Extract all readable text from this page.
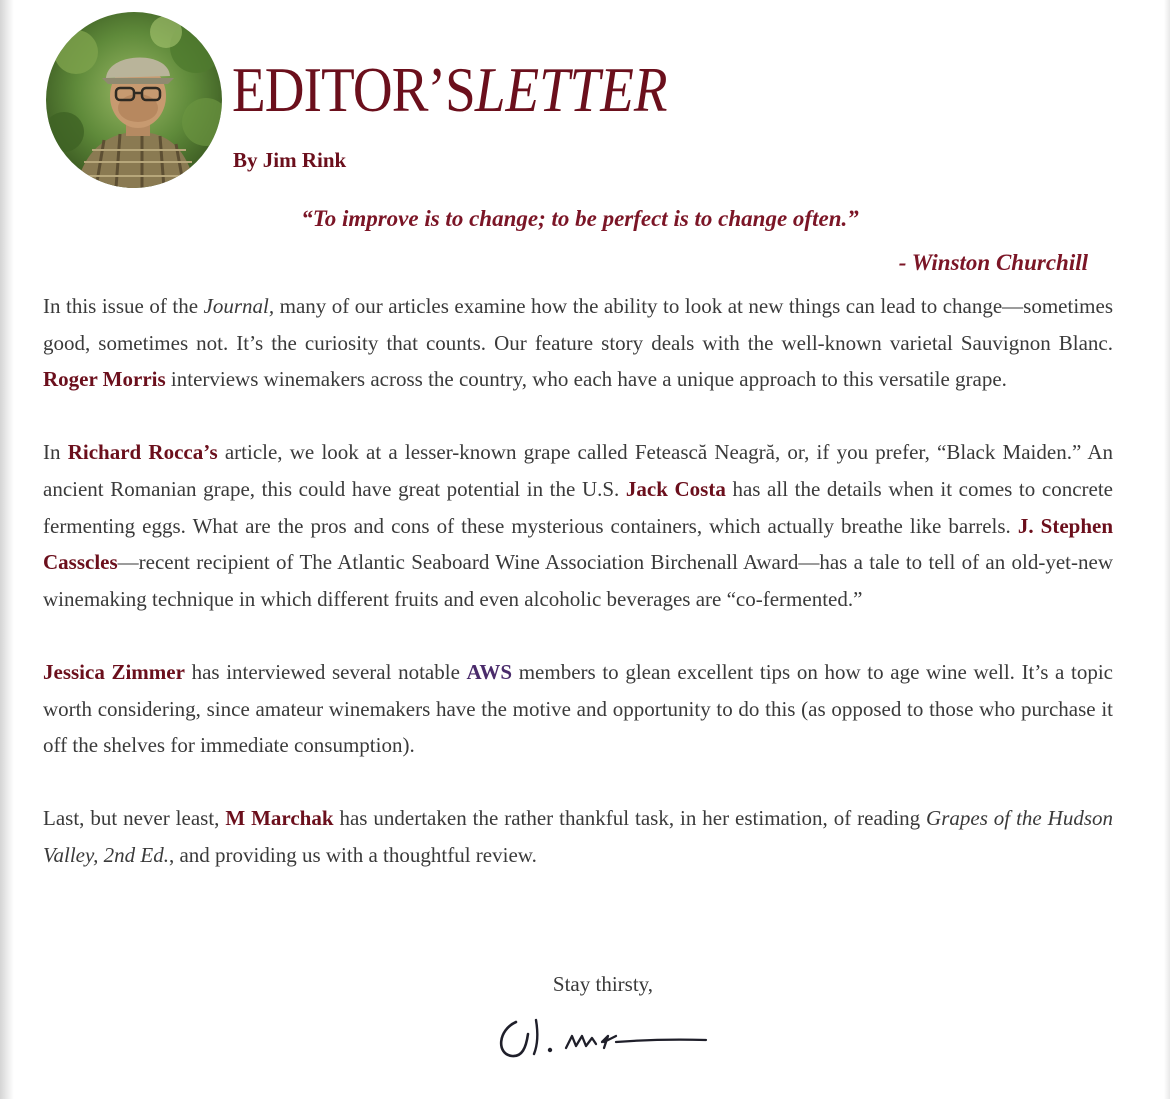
EDITOR’SLETTER
By Jim Rink
“To improve is to change; to be perfect is to change often.”
- Winston Churchill

In this issue of the Journal, many of our articles examine how the ability to look at new things can lead to change—sometimes good, sometimes not. It’s the curiosity that counts. Our feature story deals with the well-known varietal Sauvignon Blanc. Roger Morris interviews winemakers across the country, who each have a unique approach to this versatile grape.

In Richard Rocca’s article, we look at a lesser-known grape called Fetească Neagră, or, if you prefer, “Black Maiden.” An ancient Romanian grape, this could have great potential in the U.S. Jack Costa has all the details when it comes to concrete fermenting eggs. What are the pros and cons of these mysterious containers, which actually breathe like barrels. J. Stephen Casscles—recent recipient of The Atlantic Seaboard Wine Association Birchenall Award—has a tale to tell of an old-yet-new winemaking technique in which different fruits and even alcoholic beverages are “co-fermented.”

Jessica Zimmer has interviewed several notable AWS members to glean excellent tips on how to age wine well. It’s a topic worth considering, since amateur winemakers have the motive and opportunity to do this (as opposed to those who purchase it off the shelves for immediate consumption).

Last, but never least, M Marchak has undertaken the rather thankful task, in her estimation, of reading Grapes of the Hudson Valley, 2nd Ed., and providing us with a thoughtful review.

Stay thirsty,
